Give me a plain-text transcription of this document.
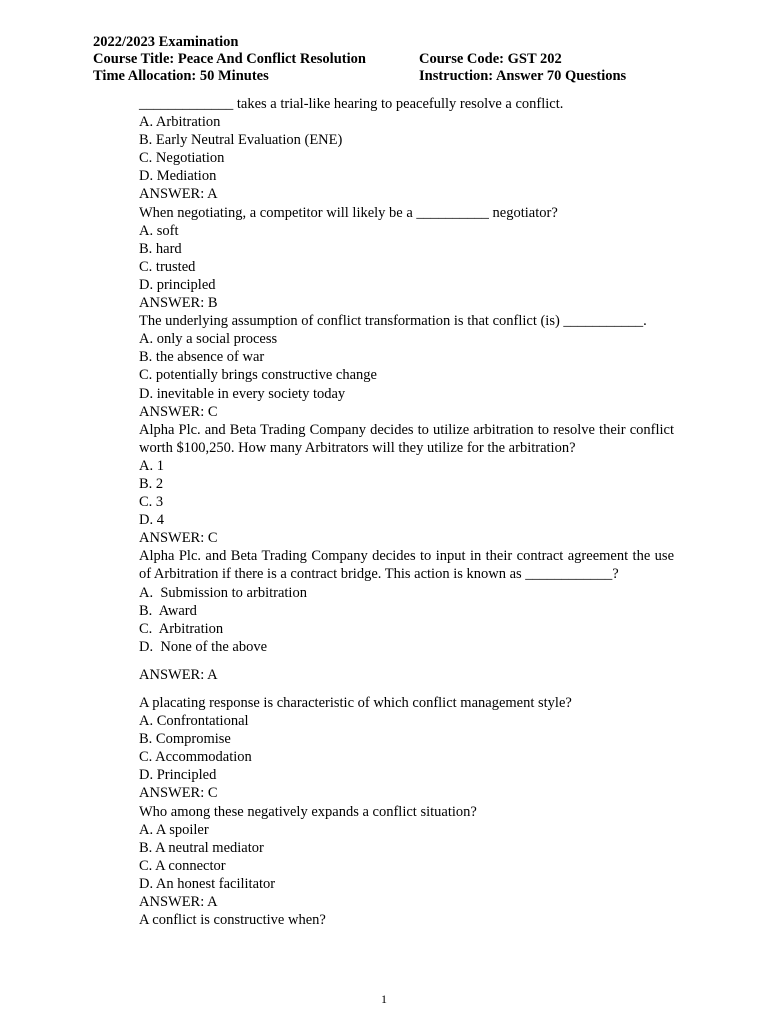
2022/2023 Examination
Course Title: Peace And Conflict Resolution	Course Code: GST 202
Time Allocation: 50 Minutes	Instruction: Answer 70 Questions
_____________ takes a trial-like hearing to peacefully resolve a conflict.
A. Arbitration
B. Early Neutral Evaluation (ENE)
C. Negotiation
D. Mediation
ANSWER: A
When negotiating, a competitor will likely be a __________ negotiator?
A. soft
B. hard
C. trusted
D. principled
ANSWER: B
The underlying assumption of conflict transformation is that conflict (is) ___________.
A. only a social process
B. the absence of war
C. potentially brings constructive change
D. inevitable in every society today
ANSWER: C
Alpha Plc. and Beta Trading Company decides to utilize arbitration to resolve their conflict worth $100,250. How many Arbitrators will they utilize for the arbitration?
A. 1
B. 2
C. 3
D. 4
ANSWER: C
Alpha Plc. and Beta Trading Company decides to input in their contract agreement the use of Arbitration if there is a contract bridge. This action is known as ____________?
A.  Submission to arbitration
B.  Award
C.  Arbitration
D.  None of the above
ANSWER: A
A placating response is characteristic of which conflict management style?
A. Confrontational
B. Compromise
C. Accommodation
D. Principled
ANSWER: C
Who among these negatively expands a conflict situation?
A. A spoiler
B. A neutral mediator
C. A connector
D. An honest facilitator
ANSWER: A
A conflict is constructive when?
1
